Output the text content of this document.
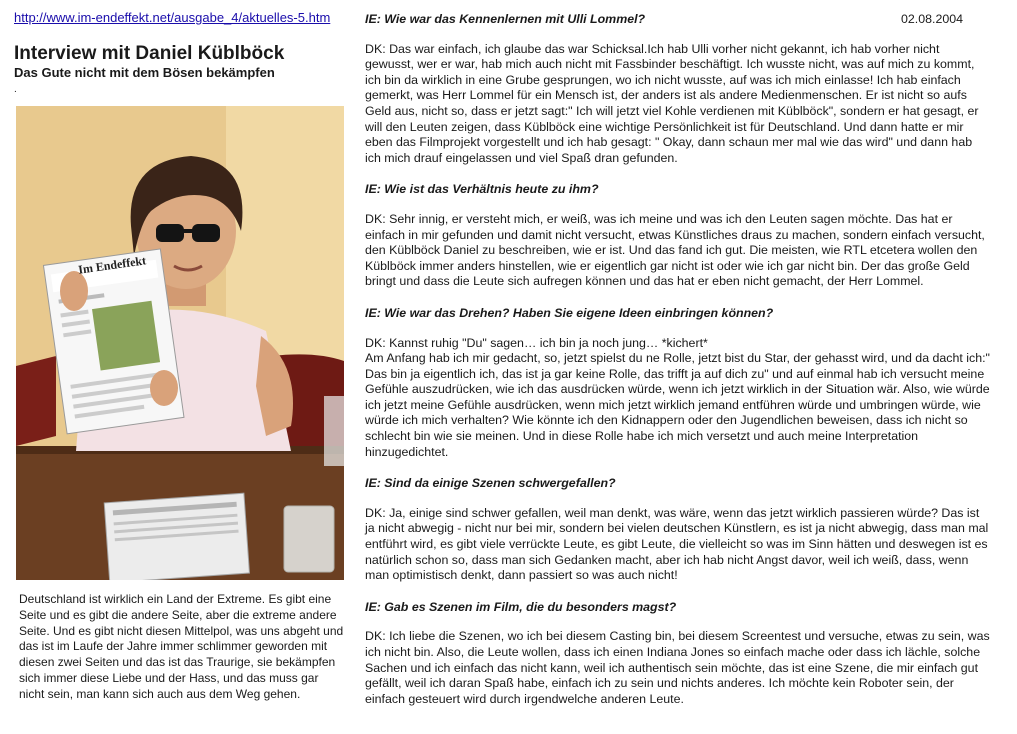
http://www.im-endeffekt.net/ausgabe_4/aktuelles-5.htm
Interview mit Daniel Küblböck
Das Gute nicht mit dem Bösen bekämpfen
.
Im Endeffekt
Deutschland ist wirklich ein Land der Extreme. Es gibt eine Seite und es gibt die andere Seite, aber die extreme andere Seite. Und es gibt nicht diesen Mittelpol, was uns abgeht und das ist im Laufe der Jahre immer schlimmer geworden mit diesen zwei Seiten und das ist das Traurige, sie bekämpfen sich immer diese Liebe und der Hass, und das muss gar nicht sein, man kann sich auch aus dem Weg gehen.
02.08.2004

IE: Wie war das Kennenlernen mit Ulli Lommel?

DK: Das war einfach, ich glaube das war Schicksal.Ich hab Ulli vorher nicht gekannt, ich hab vorher nicht gewusst, wer er war, hab mich auch nicht mit Fassbinder beschäftigt. Ich wusste nicht, was auf mich zu kommt, ich bin da wirklich in eine Grube gesprungen, wo ich nicht wusste, auf was ich mich einlasse! Ich hab einfach gemerkt, was Herr Lommel für ein Mensch ist, der anders ist als andere Medienmenschen. Er ist nicht so aufs Geld aus, nicht so, dass er jetzt sagt:" Ich will jetzt viel Kohle verdienen mit Küblböck", sondern er hat gesagt, er will den Leuten zeigen, dass Küblböck eine wichtige Persönlichkeit ist für Deutschland. Und dann hatte er mir eben das Filmprojekt vorgestellt und ich hab gesagt: " Okay, dann schaun mer mal wie das wird" und dann hab ich mich drauf eingelassen und viel Spaß dran gefunden.

IE: Wie ist das Verhältnis heute zu ihm?

DK: Sehr innig, er versteht mich, er weiß, was ich meine und was ich den Leuten sagen möchte. Das hat er einfach in mir gefunden und damit nicht versucht, etwas Künstliches draus zu machen, sondern einfach versucht, den Küblböck Daniel zu beschreiben, wie er ist. Und das fand ich gut. Die meisten, wie RTL etcetera wollen den Küblböck immer anders hinstellen, wie er eigentlich gar nicht ist oder wie ich gar nicht bin. Der das große Geld bringt und dass die Leute sich aufregen können und das hat er eben nicht gemacht, der Herr Lommel.

IE: Wie war das Drehen? Haben Sie eigene Ideen einbringen können?

DK: Kannst ruhig "Du" sagen… ich bin ja noch jung… *kichert*

Am Anfang hab ich mir gedacht, so, jetzt spielst du ne Rolle, jetzt bist du Star, der gehasst wird, und da dacht ich:" Das bin ja eigentlich ich, das ist ja gar keine Rolle, das trifft ja auf dich zu" und auf einmal hab ich versucht meine Gefühle auszudrücken, wie ich das ausdrücken würde, wenn ich jetzt wirklich in der Situation wär. Also, wie würde ich jetzt meine Gefühle ausdrücken, wenn mich jetzt wirklich jemand entführen würde und umbringen würde, wie würde ich mich verhalten? Wie könnte ich den Kidnappern oder den Jugendlichen beweisen, dass ich nicht so schlecht bin wie sie meinen. Und in diese Rolle habe ich mich versetzt und auch meine Interpretation hinzugedichtet.

IE: Sind da einige Szenen schwergefallen?

DK: Ja, einige sind schwer gefallen, weil man denkt, was wäre, wenn das jetzt wirklich passieren würde? Das ist ja nicht abwegig - nicht nur bei mir, sondern bei vielen deutschen Künstlern, es ist ja nicht abwegig, dass man mal entführt wird, es gibt viele verrückte Leute, es gibt Leute, die vielleicht so was im Sinn hätten und deswegen ist es natürlich schon so, dass man sich Gedanken macht, aber ich hab nicht Angst davor, weil ich weiß, dass, wenn man optimistisch denkt, dann passiert so was auch nicht!

IE: Gab es Szenen im Film, die du besonders magst?

DK: Ich liebe die Szenen, wo ich bei diesem Casting bin, bei diesem Screentest und versuche, etwas zu sein, was ich nicht bin. Also, die Leute wollen, dass ich einen Indiana Jones so einfach mache oder dass ich lächle, solche Sachen und ich einfach das nicht kann, weil ich authentisch sein möchte, das ist eine Szene, die mir einfach gut gefällt, weil ich daran Spaß habe, einfach ich zu sein und nichts anderes. Ich möchte kein Roboter sein, der einfach gesteuert wird durch irgendwelche anderen Leute.
